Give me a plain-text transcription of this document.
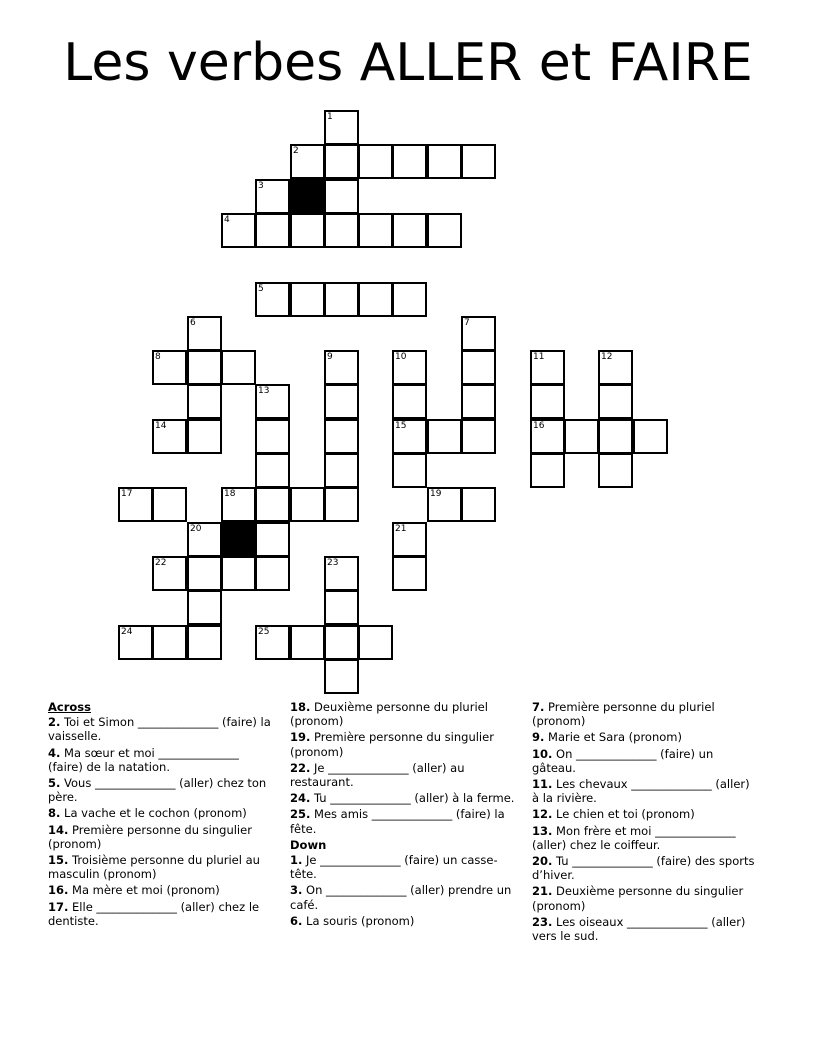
Les verbes ALLER et FAIRE
1
2
3
4
5
6	7
8	9	10	11	12
13
14	15	16
17	18	19
20	21
22	23
24	25
Across
2. Toi et Simon ______________ (faire) la vaisselle.
4. Ma sœur et moi ______________ (faire) de la natation.
5. Vous ______________ (aller) chez ton père.
8. La vache et le cochon (pronom)
14. Première personne du singulier (pronom)
15. Troisième personne du pluriel au masculin (pronom)
16. Ma mère et moi (pronom)
17. Elle ______________ (aller) chez le dentiste.
18. Deuxième personne du pluriel (pronom)
19. Première personne du singulier (pronom)
22. Je ______________ (aller) au restaurant.
24. Tu ______________ (aller) à la ferme.
25. Mes amis ______________ (faire) la fête.
Down
1. Je ______________ (faire) un casse-tête.
3. On ______________ (aller) prendre un café.
6. La souris (pronom)
7. Première personne du pluriel (pronom)
9. Marie et Sara (pronom)
10. On ______________ (faire) un gâteau.
11. Les chevaux ______________ (aller) à la rivière.
12. Le chien et toi (pronom)
13. Mon frère et moi ______________ (aller) chez le coiffeur.
20. Tu ______________ (faire) des sports d’hiver.
21. Deuxième personne du singulier (pronom)
23. Les oiseaux ______________ (aller) vers le sud.
